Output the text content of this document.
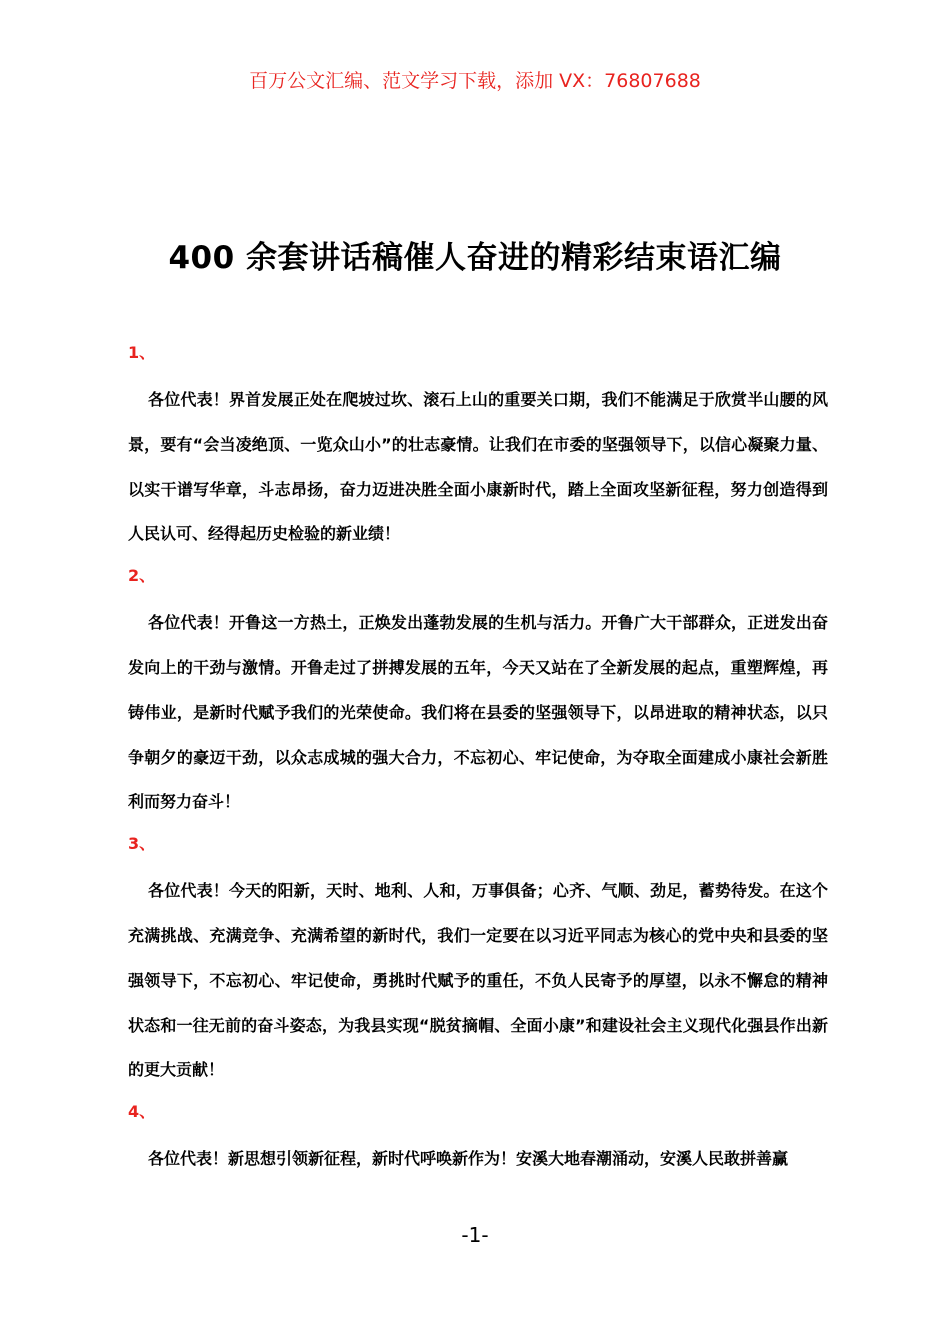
百万公文汇编、范文学习下载，添加 VX：76807688

400 余套讲话稿催人奋进的精彩结束语汇编
1、

各位代表！界首发展正处在爬坡过坎、滚石上山的重要关口期，我们不能满足于欣赏半山腰的风景，要有“会当凌绝顶、一览众山小”的壮志豪情。让我们在市委的坚强领导下，以信心凝聚力量、以实干谱写华章，斗志昂扬，奋力迈进决胜全面小康新时代，踏上全面攻坚新征程，努力创造得到人民认可、经得起历史检验的新业绩！

2、

各位代表！开鲁这一方热土，正焕发出蓬勃发展的生机与活力。开鲁广大干部群众，正迸发出奋发向上的干劲与激情。开鲁走过了拼搏发展的五年，今天又站在了全新发展的起点，重塑辉煌，再铸伟业，是新时代赋予我们的光荣使命。我们将在县委的坚强领导下，以昂进取的精神状态，以只争朝夕的豪迈干劲，以众志成城的强大合力，不忘初心、牢记使命，为夺取全面建成小康社会新胜利而努力奋斗！

3、

各位代表！今天的阳新，天时、地利、人和，万事俱备；心齐、气顺、劲足，蓄势待发。在这个充满挑战、充满竞争、充满希望的新时代，我们一定要在以习近平同志为核心的党中央和县委的坚强领导下，不忘初心、牢记使命，勇挑时代赋予的重任，不负人民寄予的厚望，以永不懈怠的精神状态和一往无前的奋斗姿态，为我县实现“脱贫摘帽、全面小康”和建设社会主义现代化强县作出新的更大贡献！

4、

各位代表！新思想引领新征程，新时代呼唤新作为！安溪大地春潮涌动，安溪人民敢拼善赢

-1-
